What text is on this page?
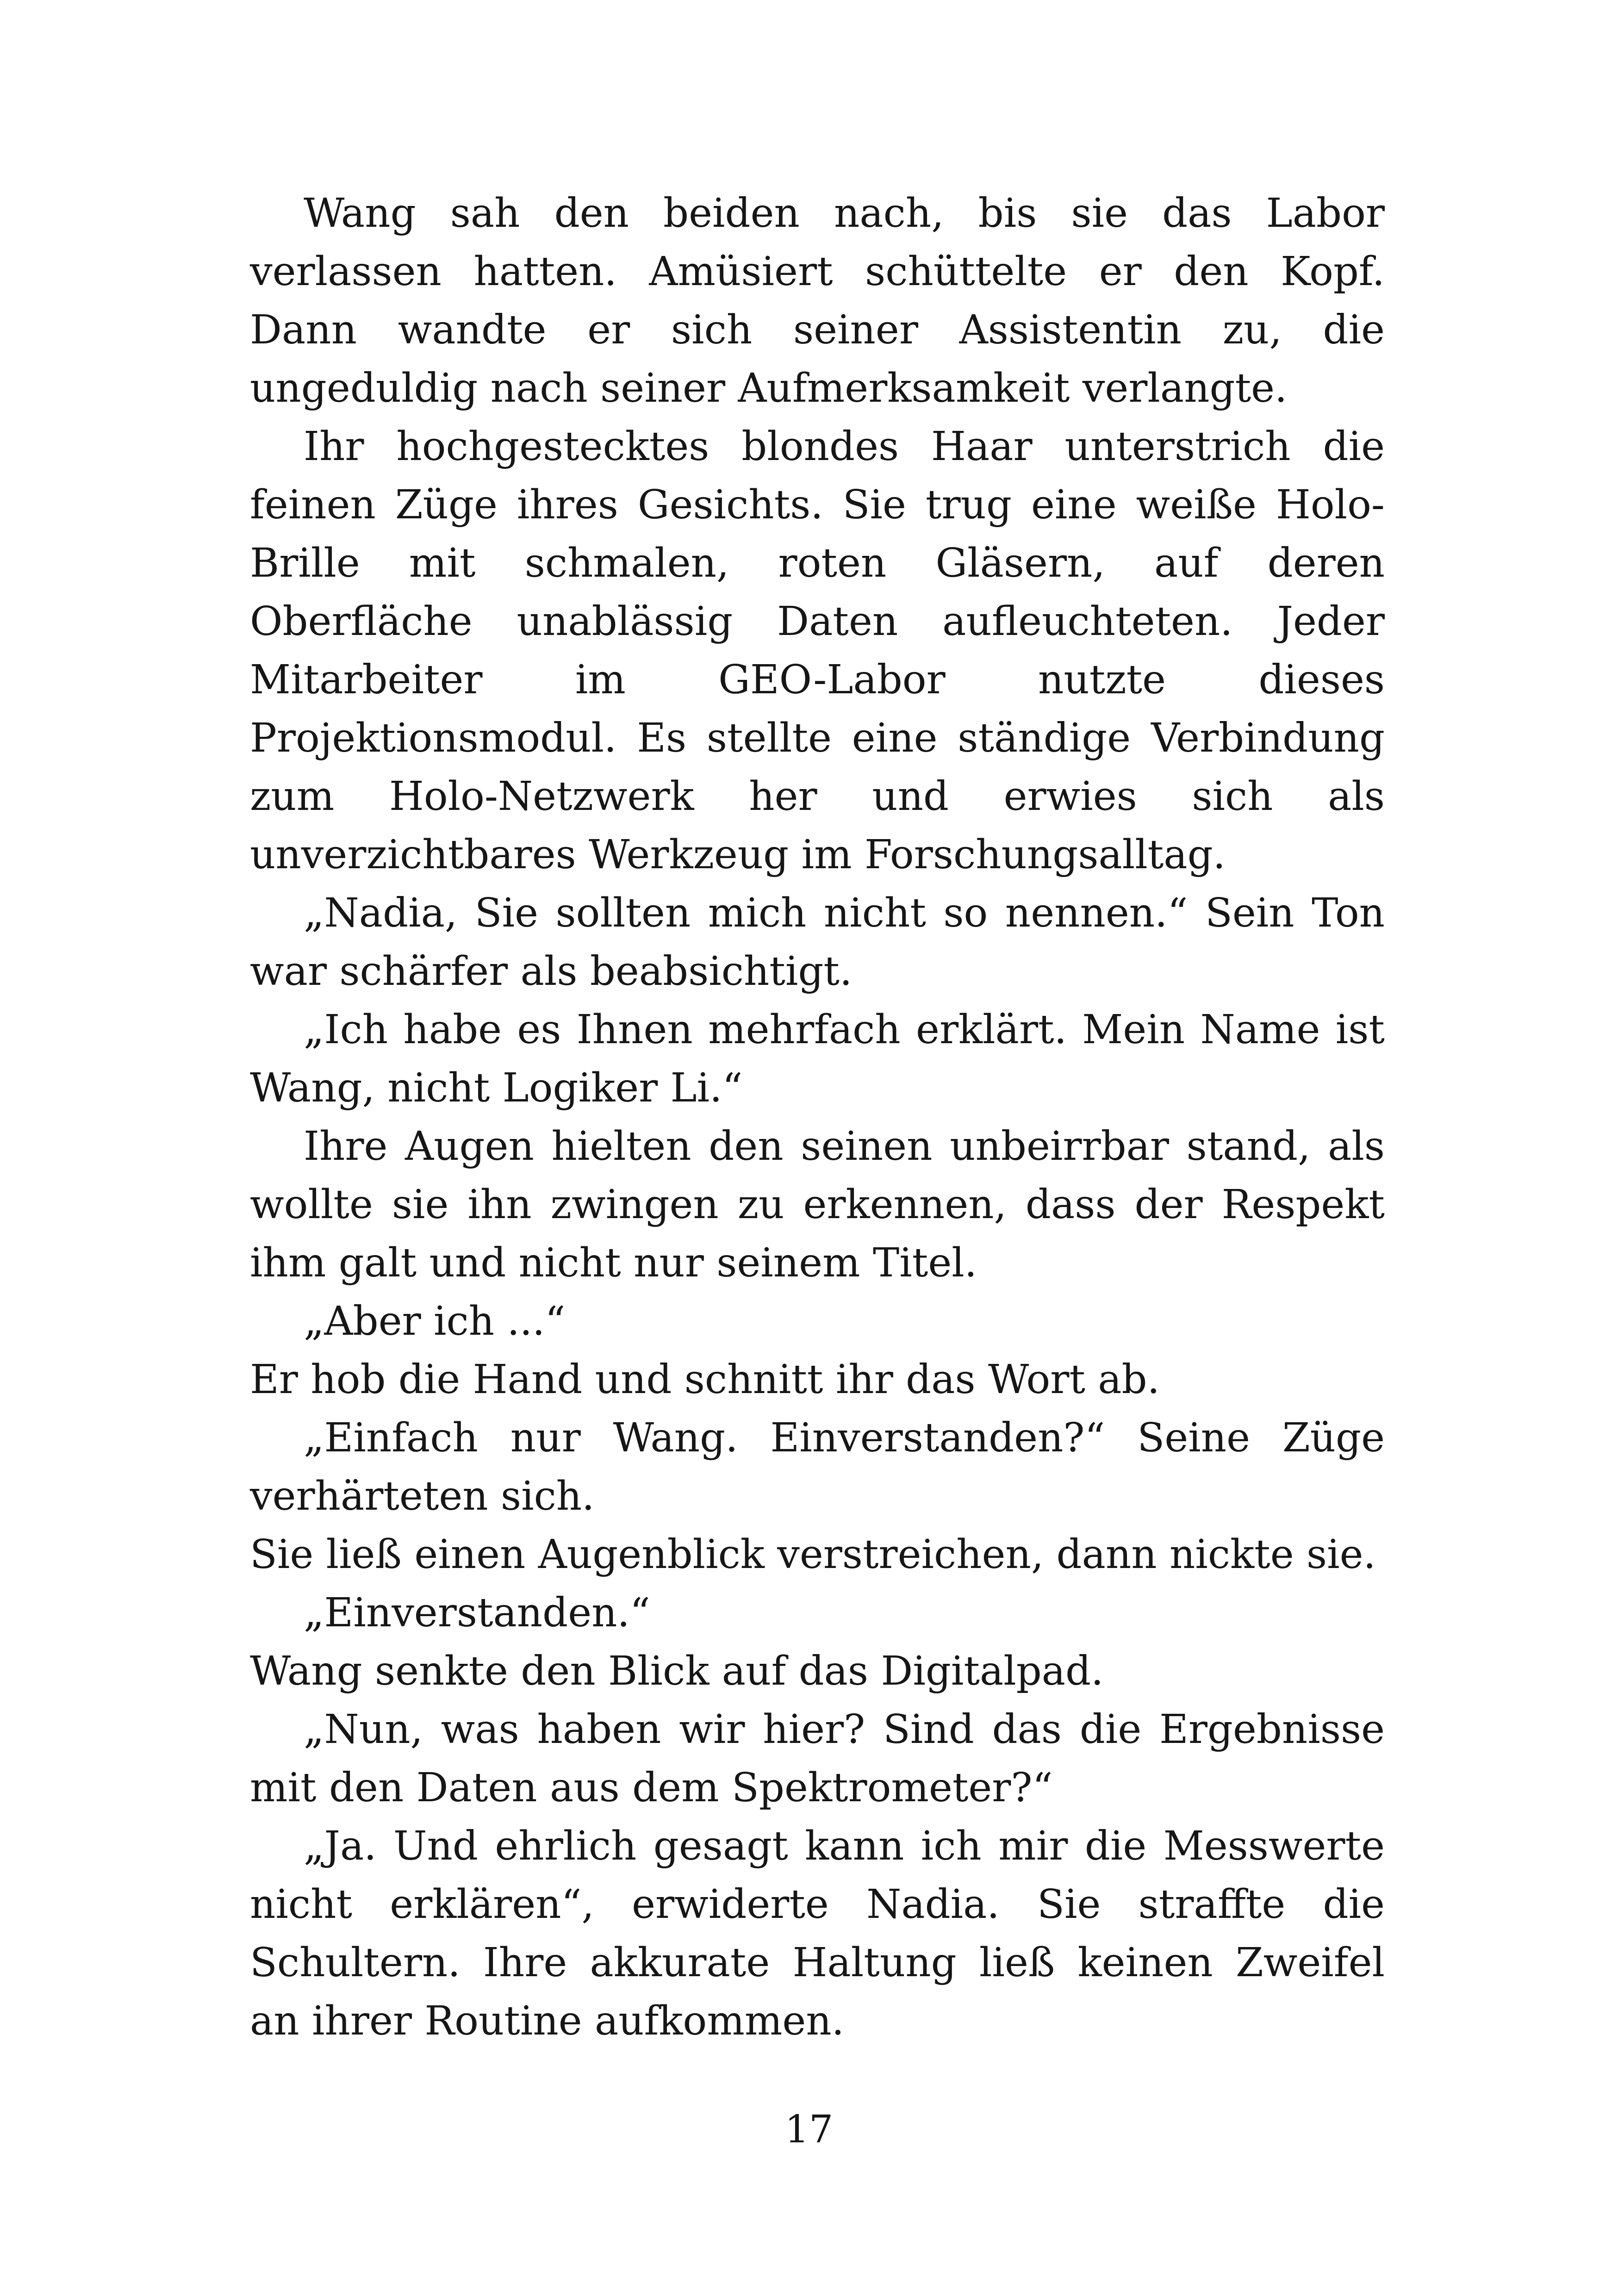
Wang sah den beiden nach, bis sie das Labor verlassen hatten. Amüsiert schüttelte er den Kopf. Dann wandte er sich seiner Assistentin zu, die ungeduldig nach seiner Aufmerksamkeit verlangte.

Ihr hochgestecktes blondes Haar unterstrich die feinen Züge ihres Gesichts. Sie trug eine weiße Holo-Brille mit schmalen, roten Gläsern, auf deren Oberfläche unablässig Daten aufleuchteten. Jeder Mitarbeiter im GEO-Labor nutzte dieses Projektionsmodul. Es stellte eine ständige Verbindung zum Holo-Netzwerk her und erwies sich als unverzichtbares Werkzeug im Forschungsalltag.

„Nadia, Sie sollten mich nicht so nennen.“ Sein Ton war schärfer als beabsichtigt.

„Ich habe es Ihnen mehrfach erklärt. Mein Name ist Wang, nicht Logiker Li.“

Ihre Augen hielten den seinen unbeirrbar stand, als wollte sie ihn zwingen zu erkennen, dass der Respekt ihm galt und nicht nur seinem Titel.

„Aber ich ...“

Er hob die Hand und schnitt ihr das Wort ab.

„Einfach nur Wang. Einverstanden?“ Seine Züge verhärteten sich.

Sie ließ einen Augenblick verstreichen, dann nickte sie.

„Einverstanden.“

Wang senkte den Blick auf das Digitalpad.

„Nun, was haben wir hier? Sind das die Ergebnisse mit den Daten aus dem Spektrometer?“

„Ja. Und ehrlich gesagt kann ich mir die Messwerte nicht erklären“, erwiderte Nadia. Sie straffte die Schultern. Ihre akkurate Haltung ließ keinen Zweifel an ihrer Routine aufkommen.

17
